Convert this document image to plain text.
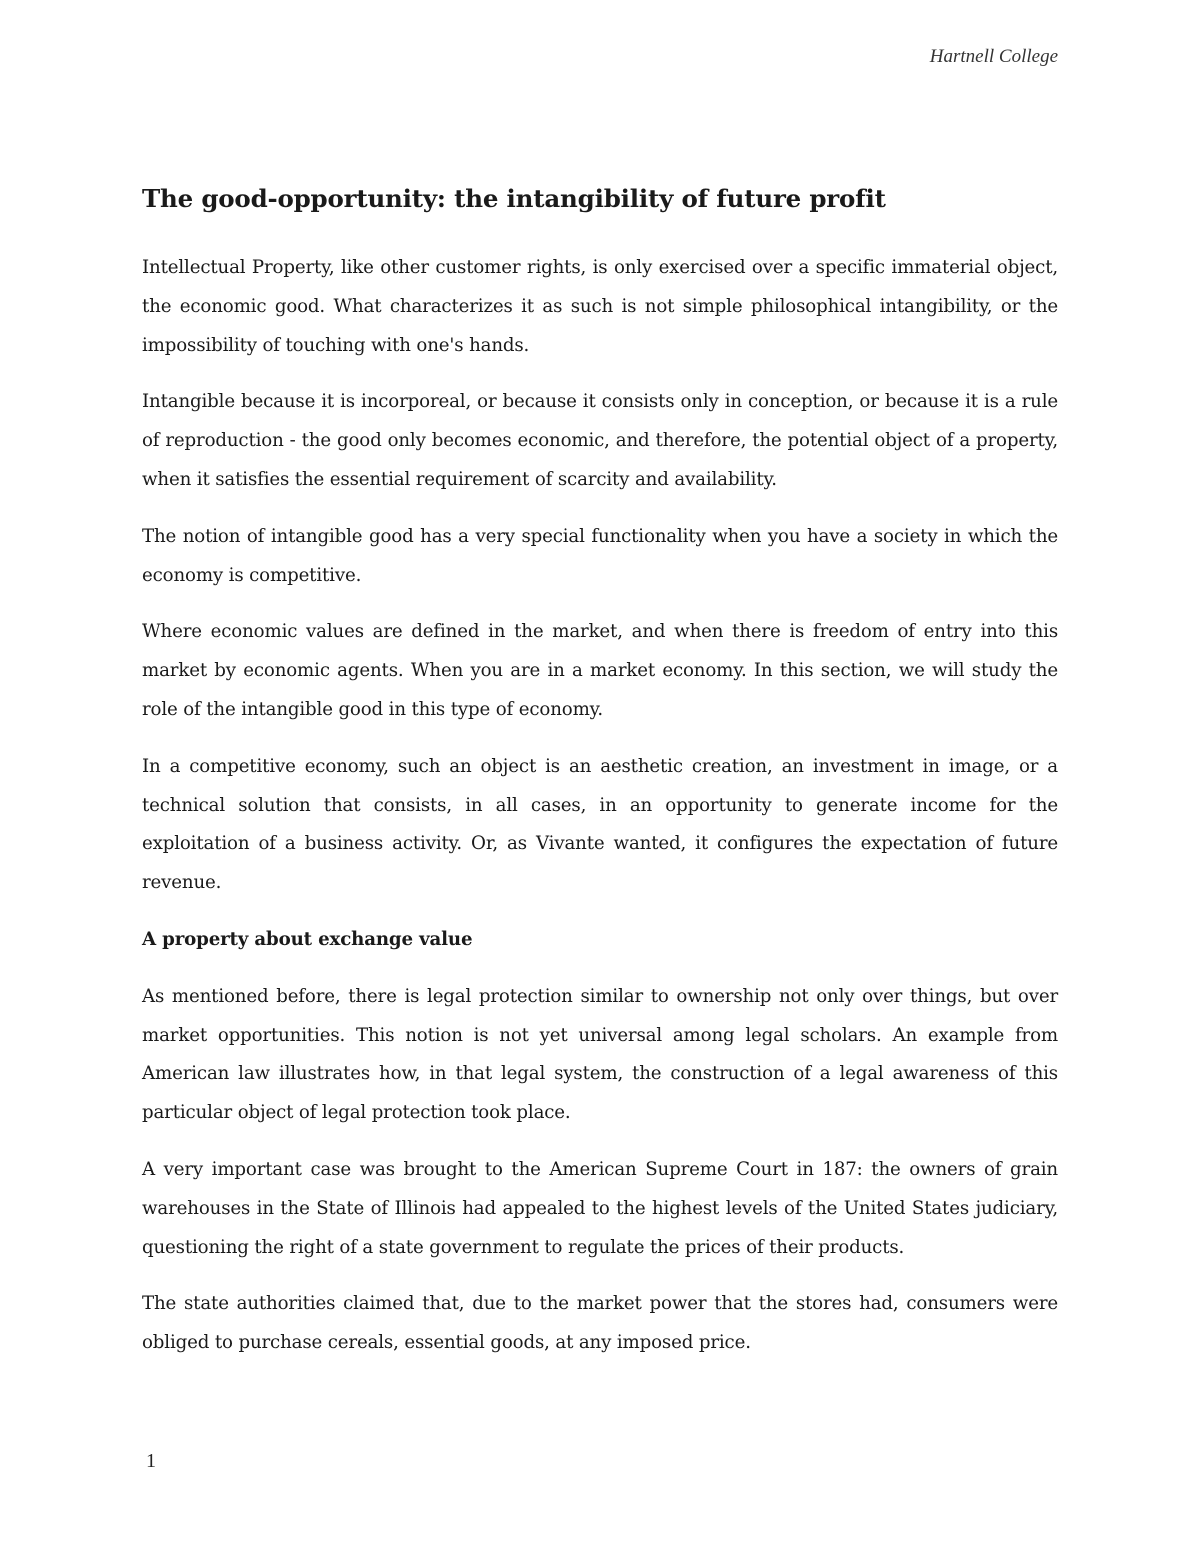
Hartnell College
The good-opportunity: the intangibility of future profit

Intellectual Property, like other customer rights, is only exercised over a specific immaterial object, the economic good. What characterizes it as such is not simple philosophical intangibility, or the impossibility of touching with one's hands.

Intangible because it is incorporeal, or because it consists only in conception, or because it is a rule of reproduction - the good only becomes economic, and therefore, the potential object of a property, when it satisfies the essential requirement of scarcity and availability.

The notion of intangible good has a very special functionality when you have a society in which the economy is competitive.

Where economic values are defined in the market, and when there is freedom of entry into this market by economic agents. When you are in a market economy. In this section, we will study the role of the intangible good in this type of economy.

In a competitive economy, such an object is an aesthetic creation, an investment in image, or a technical solution that consists, in all cases, in an opportunity to generate income for the exploitation of a business activity. Or, as Vivante wanted, it configures the expectation of future revenue.

A property about exchange value

As mentioned before, there is legal protection similar to ownership not only over things, but over market opportunities. This notion is not yet universal among legal scholars. An example from American law illustrates how, in that legal system, the construction of a legal awareness of this particular object of legal protection took place.

A very important case was brought to the American Supreme Court in 187: the owners of grain warehouses in the State of Illinois had appealed to the highest levels of the United States judiciary, questioning the right of a state government to regulate the prices of their products.

The state authorities claimed that, due to the market power that the stores had, consumers were obliged to purchase cereals, essential goods, at any imposed price.

1
